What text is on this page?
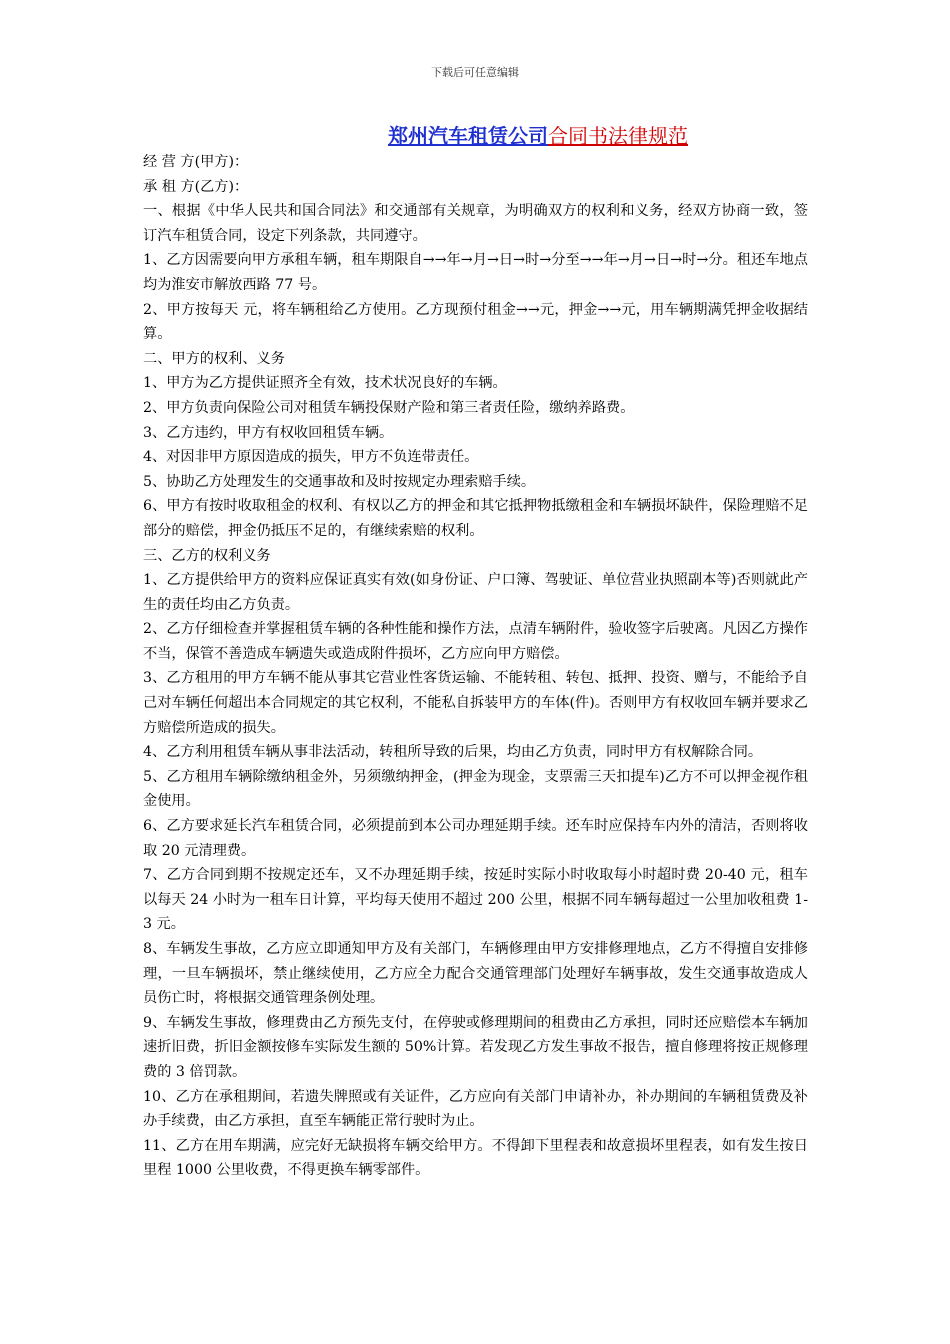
下载后可任意编辑
郑州汽车租赁公司合同书法律规范

经 营 方(甲方)：

承 租 方(乙方)：

一、根据《中华人民共和国合同法》和交通部有关规章，为明确双方的权利和义务，经双方协商一致，签订汽车租赁合同，设定下列条款，共同遵守。

1、乙方因需要向甲方承租车辆，租车期限自→→年→月→日→时→分至→→年→月→日→时→分。租还车地点均为淮安市解放西路 77 号。

2、甲方按每天 元，将车辆租给乙方使用。乙方现预付租金→→元，押金→→元，用车辆期满凭押金收据结算。

二、甲方的权利、义务

1、甲方为乙方提供证照齐全有效，技术状况良好的车辆。

2、甲方负责向保险公司对租赁车辆投保财产险和第三者责任险，缴纳养路费。

3、乙方违约，甲方有权收回租赁车辆。

4、对因非甲方原因造成的损失，甲方不负连带责任。

5、协助乙方处理发生的交通事故和及时按规定办理索赔手续。

6、甲方有按时收取租金的权利、有权以乙方的押金和其它抵押物抵缴租金和车辆损坏缺件，保险理赔不足部分的赔偿，押金仍抵压不足的，有继续索赔的权利。

三、乙方的权利义务

1、乙方提供给甲方的资料应保证真实有效(如身份证、户口簿、驾驶证、单位营业执照副本等)否则就此产生的责任均由乙方负责。

2、乙方仔细检查并掌握租赁车辆的各种性能和操作方法，点清车辆附件，验收签字后驶离。凡因乙方操作不当，保管不善造成车辆遗失或造成附件损坏，乙方应向甲方赔偿。

3、乙方租用的甲方车辆不能从事其它营业性客货运输、不能转租、转包、抵押、投资、赠与，不能给予自己对车辆任何超出本合同规定的其它权利，不能私自拆装甲方的车体(件)。否则甲方有权收回车辆并要求乙方赔偿所造成的损失。

4、乙方利用租赁车辆从事非法活动，转租所导致的后果，均由乙方负责，同时甲方有权解除合同。

5、乙方租用车辆除缴纳租金外，另须缴纳押金，(押金为现金，支票需三天扣提车)乙方不可以押金视作租金使用。

6、乙方要求延长汽车租赁合同，必须提前到本公司办理延期手续。还车时应保持车内外的清洁，否则将收取 20 元清理费。

7、乙方合同到期不按规定还车，又不办理延期手续，按延时实际小时收取每小时超时费 20-40 元，租车以每天 24 小时为一租车日计算，平均每天使用不超过 200 公里，根据不同车辆每超过一公里加收租费 1-3 元。

8、车辆发生事故，乙方应立即通知甲方及有关部门，车辆修理由甲方安排修理地点，乙方不得擅自安排修理，一旦车辆损坏，禁止继续使用，乙方应全力配合交通管理部门处理好车辆事故，发生交通事故造成人员伤亡时，将根据交通管理条例处理。

9、车辆发生事故，修理费由乙方预先支付，在停驶或修理期间的租费由乙方承担，同时还应赔偿本车辆加速折旧费，折旧金额按修车实际发生额的 50%计算。若发现乙方发生事故不报告，擅自修理将按正规修理费的 3 倍罚款。

10、乙方在承租期间，若遗失牌照或有关证件，乙方应向有关部门申请补办，补办期间的车辆租赁费及补办手续费，由乙方承担，直至车辆能正常行驶时为止。

11、乙方在用车期满，应完好无缺损将车辆交给甲方。不得卸下里程表和故意损坏里程表，如有发生按日里程 1000 公里收费，不得更换车辆零部件。
